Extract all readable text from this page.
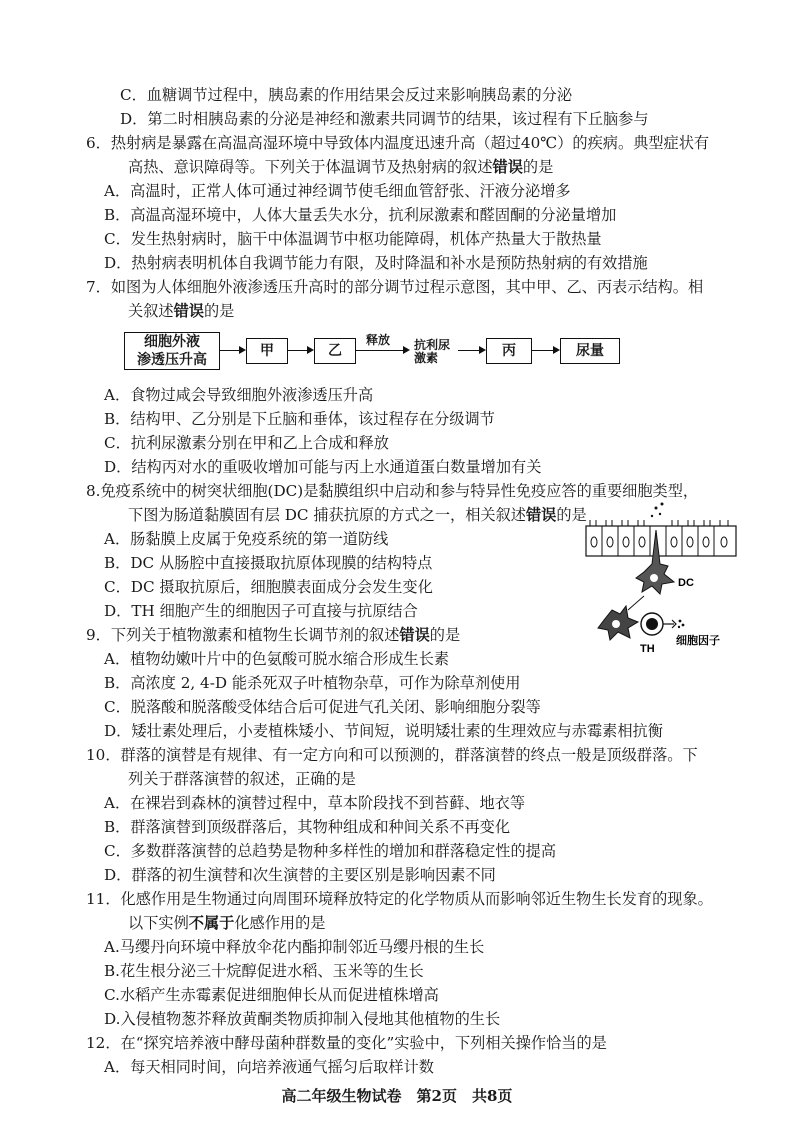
C．血糖调节过程中，胰岛素的作用结果会反过来影响胰岛素的分泌
D．第二时相胰岛素的分泌是神经和激素共同调节的结果，该过程有下丘脑参与
6．热射病是暴露在高温高湿环境中导致体内温度迅速升高（超过40℃）的疾病。典型症状有
高热、意识障碍等。下列关于体温调节及热射病的叙述错误的是
A．高温时，正常人体可通过神经调节使毛细血管舒张、汗液分泌增多
B．高温高湿环境中，人体大量丢失水分，抗利尿激素和醛固酮的分泌量增加
C．发生热射病时，脑干中体温调节中枢功能障碍，机体产热量大于散热量
D．热射病表明机体自我调节能力有限，及时降温和补水是预防热射病的有效措施
7．如图为人体细胞外液渗透压升高时的部分调节过程示意图，其中甲、乙、丙表示结构。相
关叙述错误的是
细胞外液
渗透压升高
甲	乙
释放 抗利尿
激素	丙	尿量
A．食物过咸会导致细胞外液渗透压升高
B．结构甲、乙分别是下丘脑和垂体，该过程存在分级调节
C．抗利尿激素分别在甲和乙上合成和释放
D．结构丙对水的重吸收增加可能与丙上水通道蛋白数量增加有关
8.免疫系统中的树突状细胞(DC)是黏膜组织中启动和参与特异性免疫应答的重要细胞类型，
下图为肠道黏膜固有层 DC 捕获抗原的方式之一，相关叙述错误的是
A．肠黏膜上皮属于免疫系统的第一道防线
B．DC 从肠腔中直接摄取抗原体现膜的结构特点
C．DC 摄取抗原后，细胞膜表面成分会发生变化
D．TH 细胞产生的细胞因子可直接与抗原结合
DC
TH
细胞因子
9．下列关于植物激素和植物生长调节剂的叙述错误的是
A．植物幼嫩叶片中的色氨酸可脱水缩合形成生长素
B．高浓度 2, 4-D 能杀死双子叶植物杂草，可作为除草剂使用
C．脱落酸和脱落酸受体结合后可促进气孔关闭、影响细胞分裂等
D．矮壮素处理后，小麦植株矮小、节间短，说明矮壮素的生理效应与赤霉素相抗衡
10．群落的演替是有规律、有一定方向和可以预测的，群落演替的终点一般是顶级群落。下
列关于群落演替的叙述，正确的是
A．在裸岩到森林的演替过程中，草本阶段找不到苔藓、地衣等
B．群落演替到顶级群落后，其物种组成和种间关系不再变化
C．多数群落演替的总趋势是物种多样性的增加和群落稳定性的提高
D．群落的初生演替和次生演替的主要区别是影响因素不同
11．化感作用是生物通过向周围环境释放特定的化学物质从而影响邻近生物生长发育的现象。
以下实例不属于化感作用的是
A.马缨丹向环境中释放伞花内酯抑制邻近马缨丹根的生长
B.花生根分泌三十烷醇促进水稻、玉米等的生长
C.水稻产生赤霉素促进细胞伸长从而促进植株增高
D.入侵植物葱芥释放黄酮类物质抑制入侵地其他植物的生长
12．在“探究培养液中酵母菌种群数量的变化”实验中，下列相关操作恰当的是
A．每天相同时间，向培养液通气摇匀后取样计数
高二年级生物试卷　第2页　共8页
